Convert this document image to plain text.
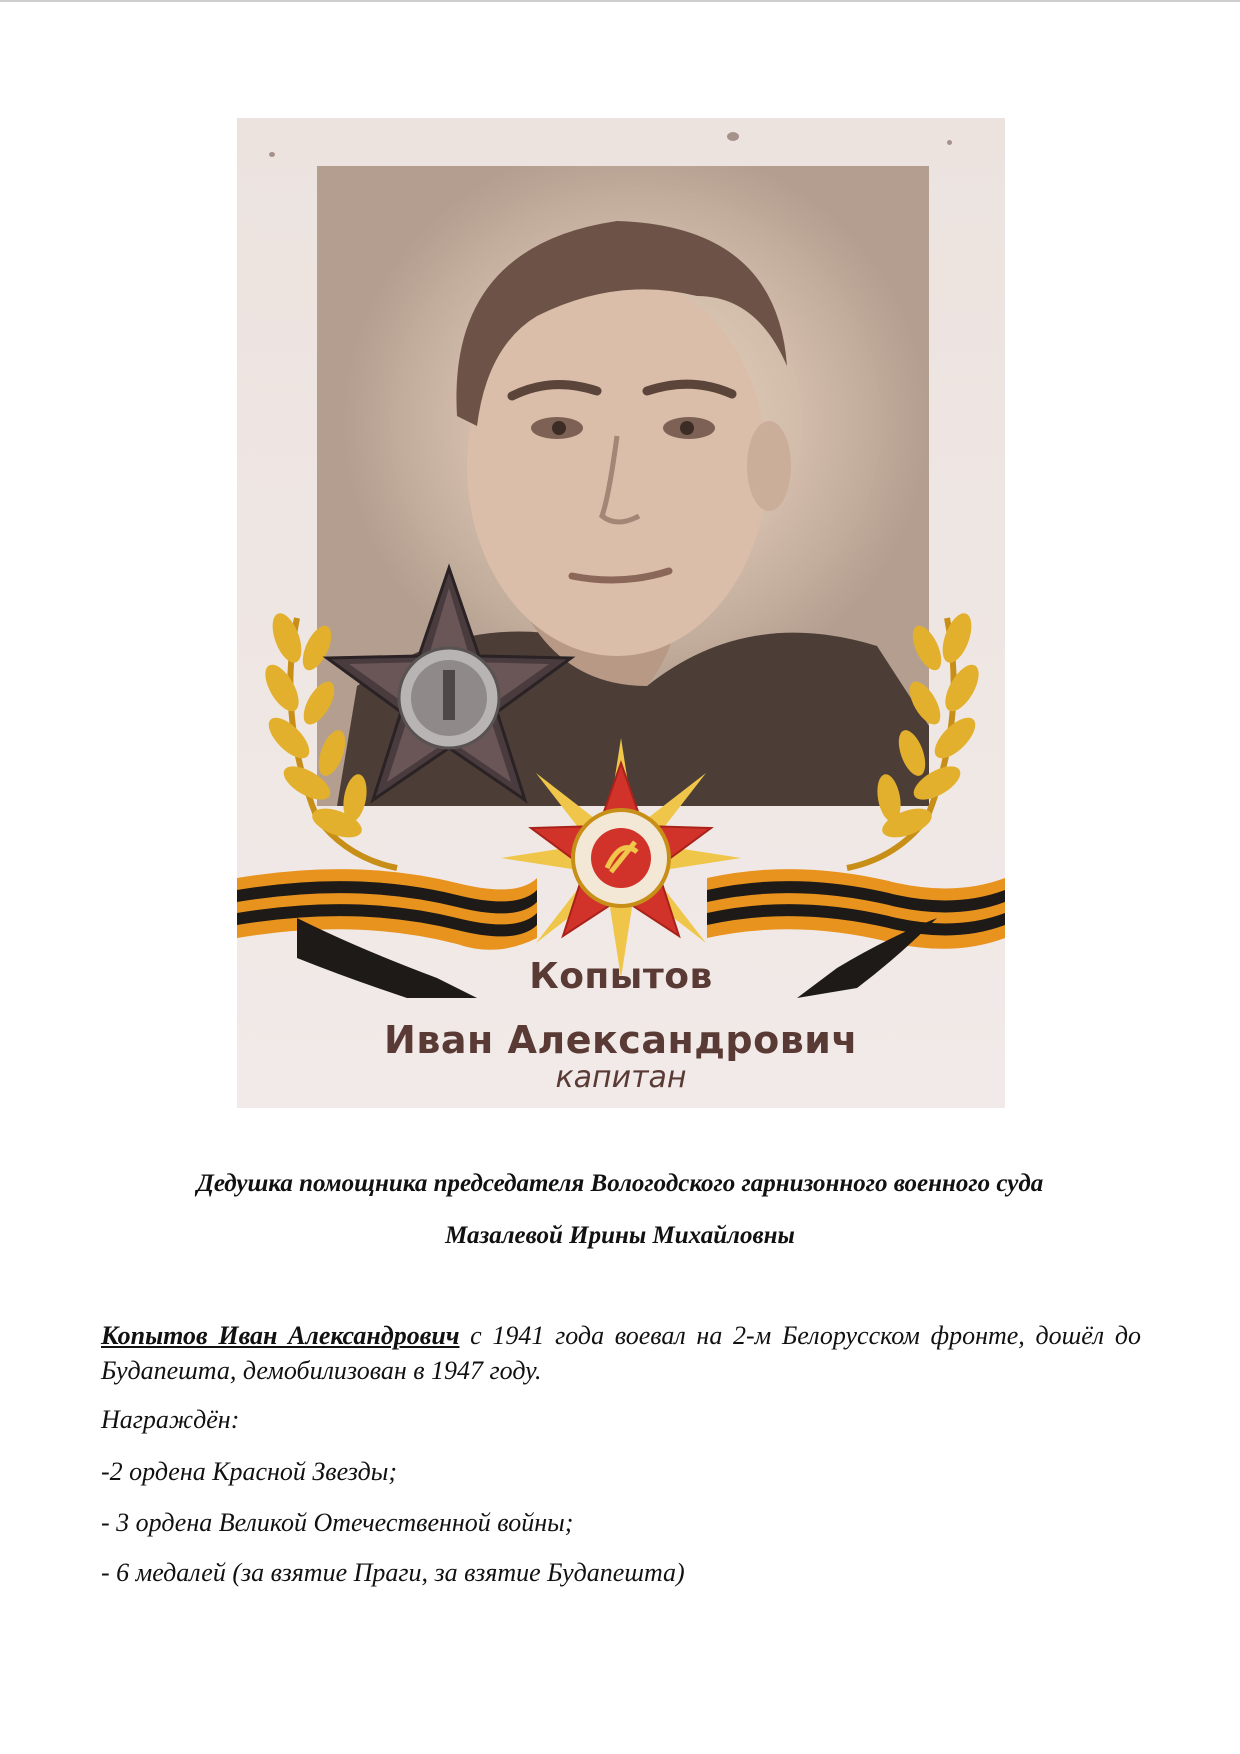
Копытов
Иван Александрович
капитан
Дедушка помощника председателя Вологодского гарнизонного военного суда
Мазалевой Ирины Михайловны
Копытов Иван Александрович с 1941 года воевал на 2-м Белорусском фронте, дошёл до Будапешта, демобилизован в 1947 году.
Награждён:
-2 ордена Красной Звезды;
- 3 ордена Великой Отечественной войны;
- 6 медалей (за взятие Праги, за взятие Будапешта)
